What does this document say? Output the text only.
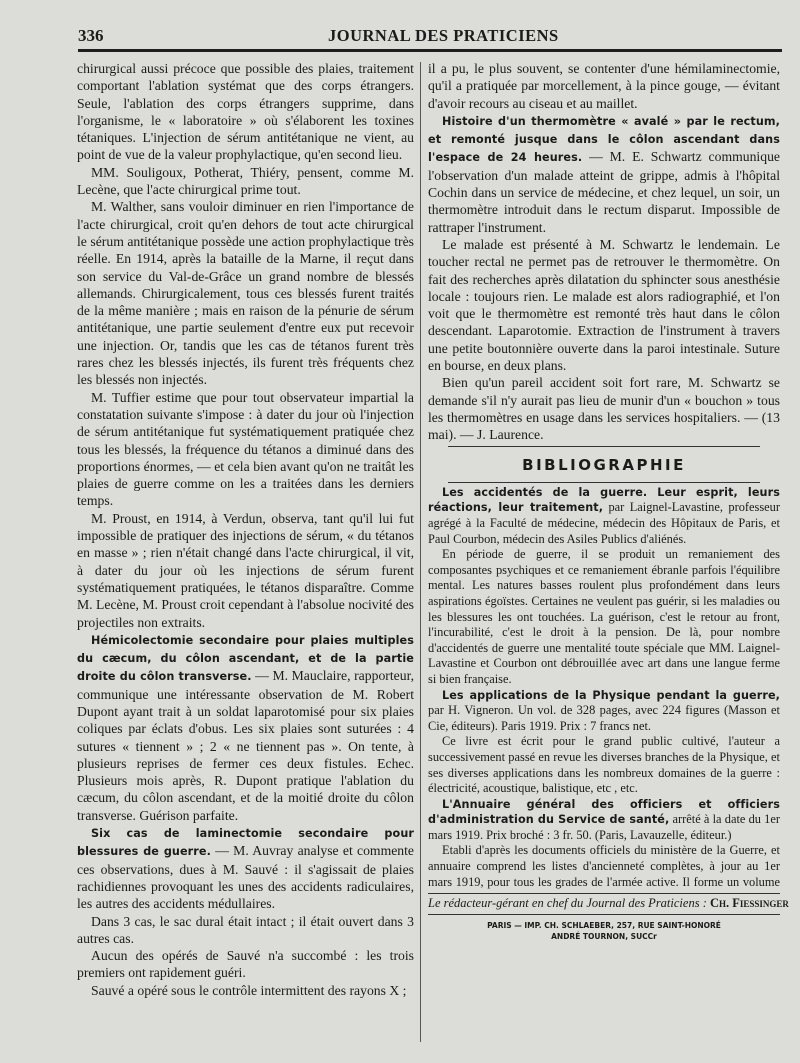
336	JOURNAL DES PRATICIENS

chirurgical aussi précoce que possible des plaies, traitement comportant l'ablation systémat que des corps étrangers. Seule, l'ablation des corps étrangers supprime, dans l'organisme, le « laboratoire » où s'élaborent les toxines tétaniques. L'injection de sérum antitétanique ne vient, au point de vue de la valeur prophylactique, qu'en second lieu.

MM. Souligoux, Potherat, Thiéry, pensent, comme M. Lecène, que l'acte chirurgical prime tout.

M. Walther, sans vouloir diminuer en rien l'importance de l'acte chirurgical, croit qu'en dehors de tout acte chirurgical le sérum antitétanique possède une action prophylactique très réelle. En 1914, après la bataille de la Marne, il reçut dans son service du Val-de-Grâce un grand nombre de blessés allemands. Chirurgicalement, tous ces blessés furent traités de la même manière ; mais en raison de la pénurie de sérum antitétanique, une partie seulement d'entre eux put recevoir une injection. Or, tandis que les cas de tétanos furent très rares chez les blessés injectés, ils furent très fréquents chez les blessés non injectés.

M. Tuffier estime que pour tout observateur impartial la constatation suivante s'impose : à dater du jour où l'injection de sérum antitétanique fut systématiquement pratiquée chez tous les blessés, la fréquence du tétanos a diminué dans des proportions énormes, — et cela bien avant qu'on ne traitât les plaies de guerre comme on les a traitées dans les derniers temps.

M. Proust, en 1914, à Verdun, observa, tant qu'il lui fut impossible de pratiquer des injections de sérum, « du tétanos en masse » ; rien n'était changé dans l'acte chirurgical, il vit, à dater du jour où les injections de sérum furent systématiquement pratiquées, le tétanos disparaître. Comme M. Lecène, M. Proust croit cependant à l'absolue nocivité des projectiles non extraits.

Hémicolectomie secondaire pour plaies multiples du cæcum, du côlon ascendant, et de la partie droite du côlon transverse. — M. Mauclaire, rapporteur, communique une intéressante observation de M. Robert Dupont ayant trait à un soldat laparotomisé pour six plaies coliques par éclats d'obus. Les six plaies sont suturées : 4 sutures « tiennent » ; 2 « ne tiennent pas ». On tente, à plusieurs reprises de fermer ces deux fistules. Echec. Plusieurs mois après, R. Dupont pratique l'ablation du cæcum, du côlon ascendant, et de la moitié droite du côlon transverse. Guérison parfaite.

Six cas de laminectomie secondaire pour blessures de guerre. — M. Auvray analyse et commente ces observations, dues à M. Sauvé : il s'agissait de plaies rachidiennes provoquant les unes des accidents radiculaires, les autres des accidents médullaires.

Dans 3 cas, le sac dural était intact ; il était ouvert dans 3 autres cas.

Aucun des opérés de Sauvé n'a succombé : les trois premiers ont rapidement guéri.

Sauvé a opéré sous le contrôle intermittent des rayons X ;

il a pu, le plus souvent, se contenter d'une hémilaminectomie, qu'il a pratiquée par morcellement, à la pince gouge, — évitant d'avoir recours au ciseau et au maillet.

Histoire d'un thermomètre « avalé » par le rectum, et remonté jusque dans le côlon ascendant dans l'espace de 24 heures. — M. E. Schwartz communique l'observation d'un malade atteint de grippe, admis à l'hôpital Cochin dans un service de médecine, et chez lequel, un soir, un thermomètre introduit dans le rectum disparut. Impossible de rattraper l'instrument.

Le malade est présenté à M. Schwartz le lendemain. Le toucher rectal ne permet pas de retrouver le thermomètre. On fait des recherches après dilatation du sphincter sous anesthésie locale : toujours rien. Le malade est alors radiographié, et l'on voit que le thermomètre est remonté très haut dans le côlon descendant. Laparotomie. Extraction de l'instrument à travers une petite boutonnière ouverte dans la paroi intestinale. Suture en bourse, en deux plans.

Bien qu'un pareil accident soit fort rare, M. Schwartz se demande s'il n'y aurait pas lieu de munir d'un « bouchon » tous les thermomètres en usage dans les services hospitaliers. — (13 mai). — J. Laurence.

BIBLIOGRAPHIE

Les accidentés de la guerre. Leur esprit, leurs réactions, leur traitement, par Laignel-Lavastine, professeur agrégé à la Faculté de médecine, médecin des Hôpitaux de Paris, et Paul Courbon, médecin des Asiles Publics d'aliénés.

En période de guerre, il se produit un remaniement des composantes psychiques et ce remaniement ébranle parfois l'équilibre mental. Les natures basses roulent plus profondément dans leurs aspirations égoïstes. Certaines ne veulent pas guérir, si les maladies ou les blessures les ont touchées. La guérison, c'est le retour au front, l'incurabilité, c'est le droit à la pension. De là, pour nombre d'accidentés de guerre une mentalité toute spéciale que MM. Laignel-Lavastine et Courbon ont débrouillée avec art dans une langue ferme si bien française.

Les applications de la Physique pendant la guerre, par H. Vigneron. Un vol. de 328 pages, avec 224 figures (Masson et Cie, éditeurs). Paris 1919. Prix : 7 francs net.

Ce livre est écrit pour le grand public cultivé, l'auteur a successivement passé en revue les diverses branches de la Physique, et ses diverses applications dans les nombreux domaines de la guerre : électricité, acoustique, balistique, etc , etc.

L'Annuaire général des officiers et officiers d'administration du Service de santé, arrêté à la date du 1er mars 1919. Prix broché : 3 fr. 50. (Paris, Lavauzelle, éditeur.)

Etabli d'après les documents officiels du ministère de la Guerre, et annuaire comprend les listes d'ancienneté complètes, à jour au 1er mars 1919, pour tous les grades de l'armée active. Il forme un volume

Le rédacteur-gérant en chef du Journal des Praticiens : Ch. Fiessinger
PARIS — IMP. CH. SCHLAEBER, 257, RUE SAINT-HONORÉ
ANDRÉ TOURNON, SUCCr
